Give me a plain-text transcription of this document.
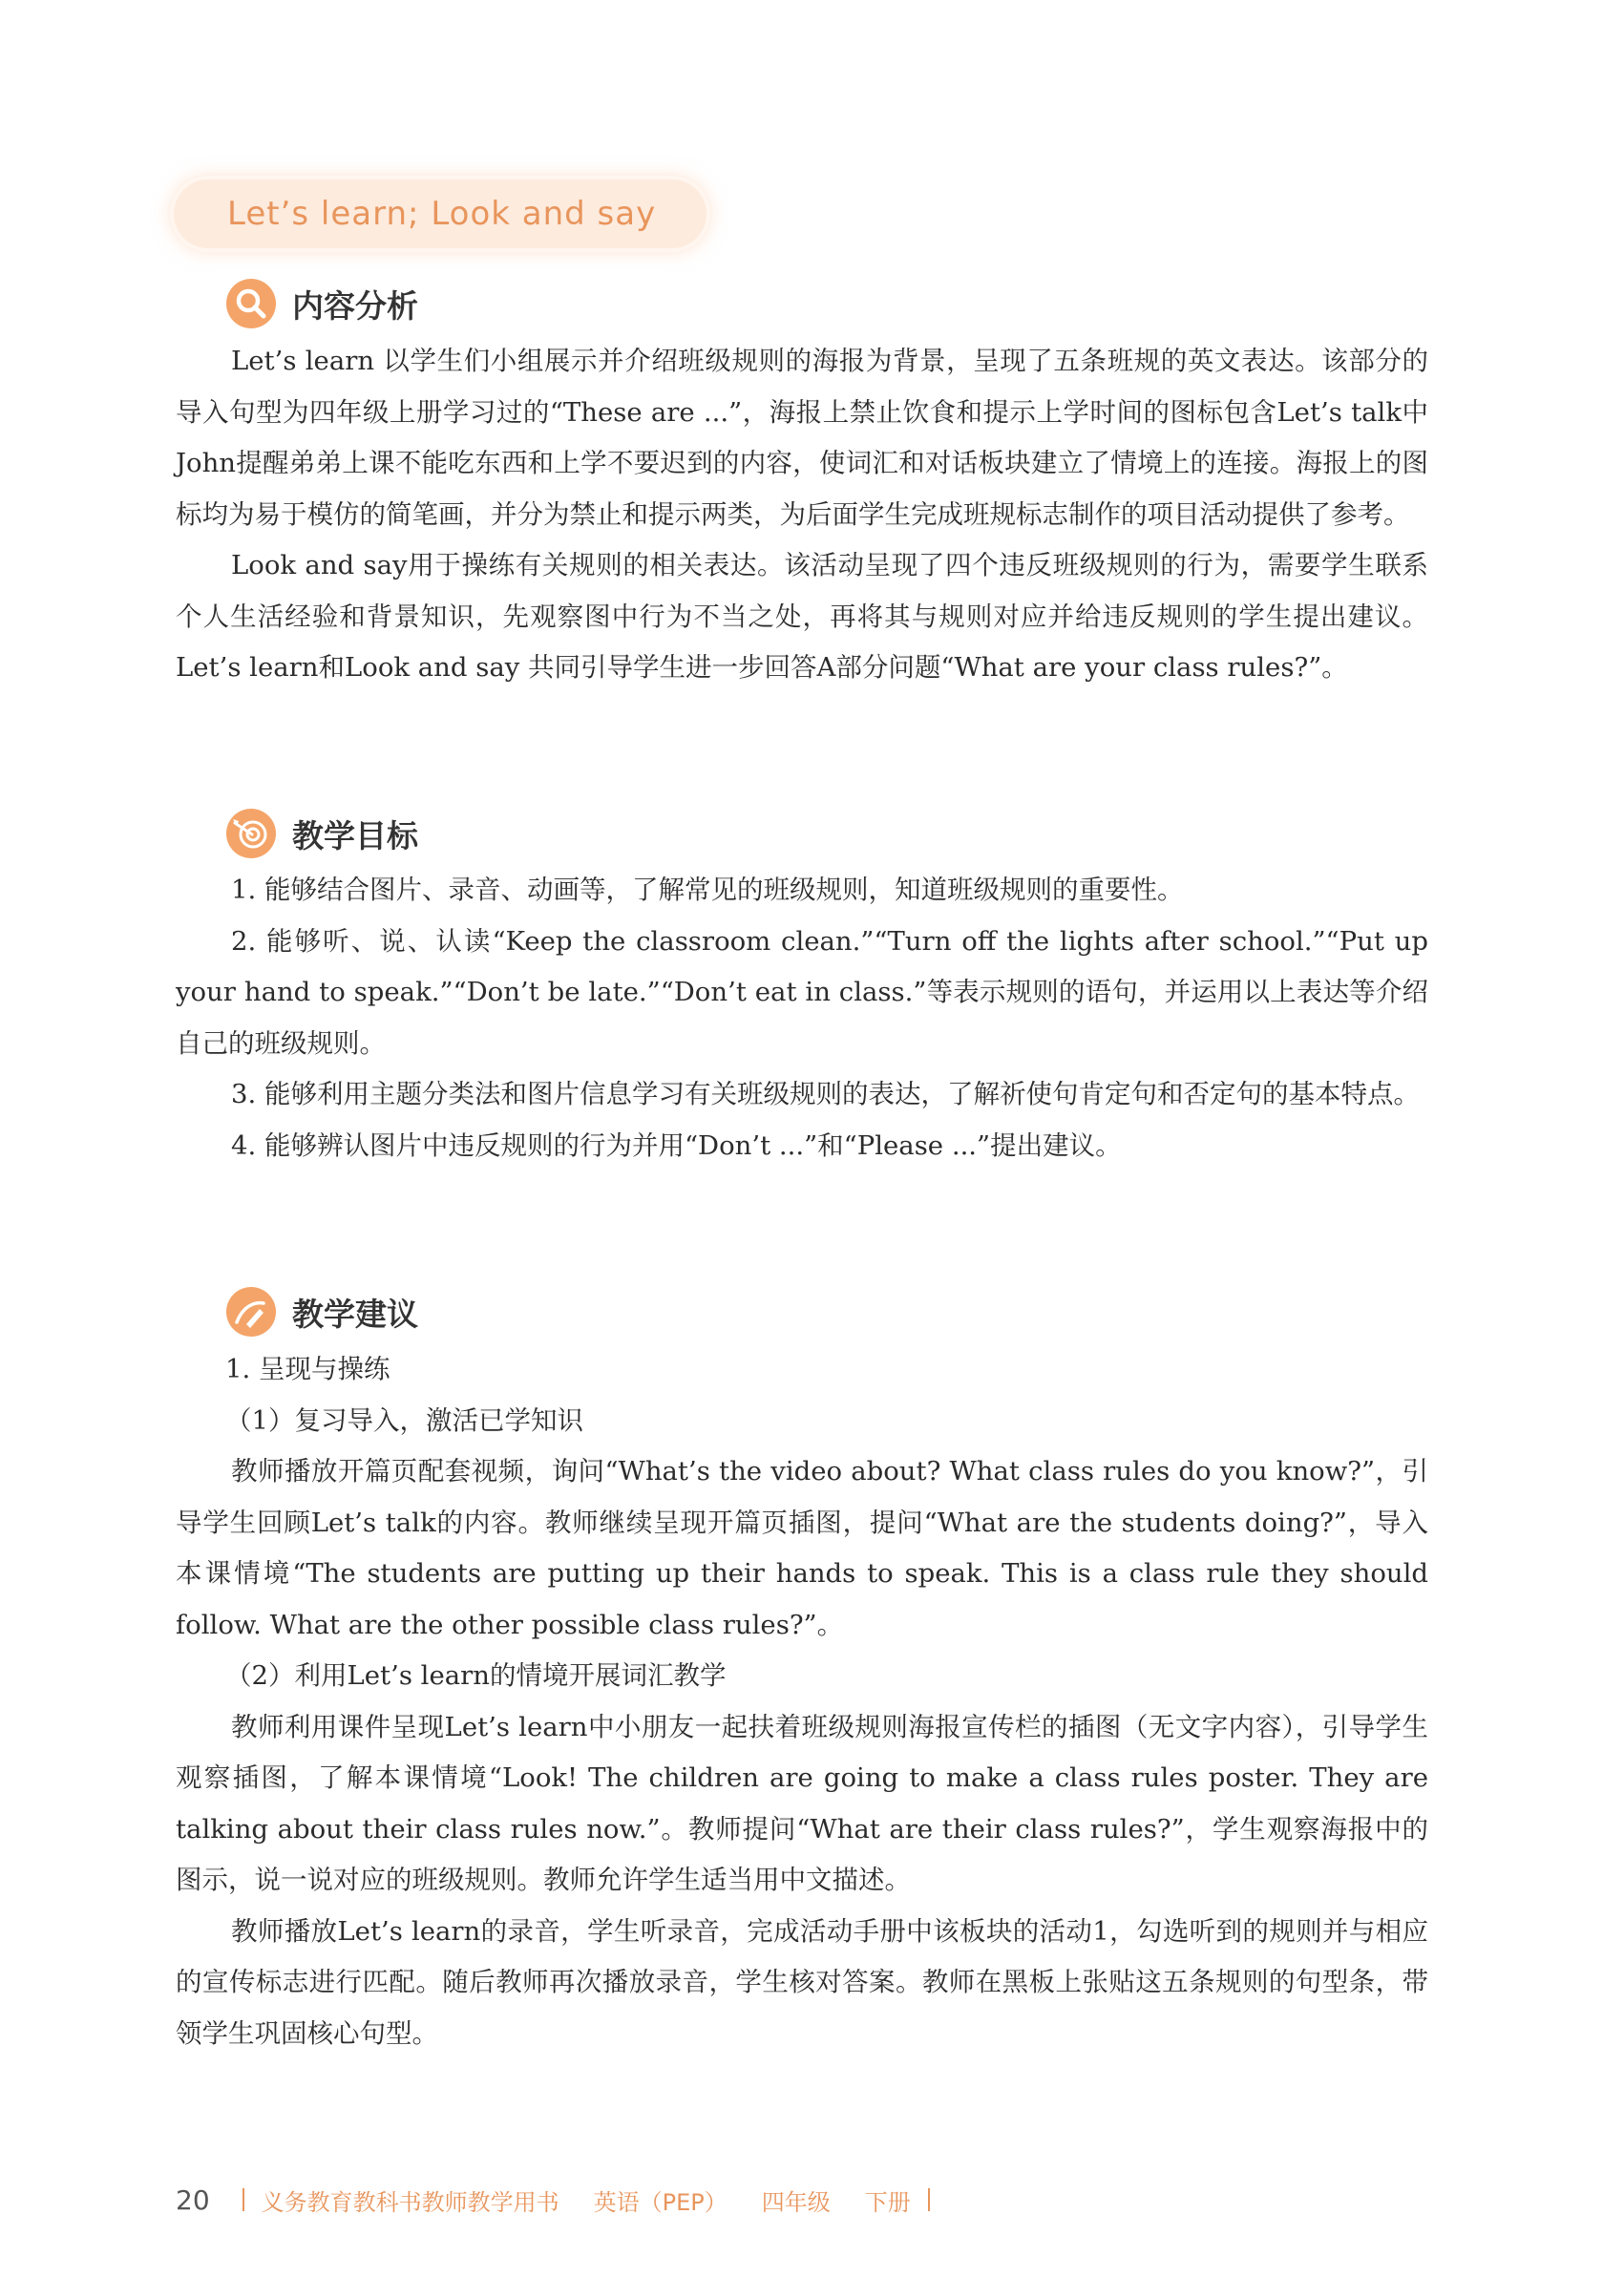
Let’s learn; Look and say
内容分析

Let’s learn 以学生们小组展示并介绍班级规则的海报为背景，呈现了五条班规的英文表达。该部分的导入句型为四年级上册学习过的“These are ...”，海报上禁止饮食和提示上学时间的图标包含Let’s talk中John提醒弟弟上课不能吃东西和上学不要迟到的内容，使词汇和对话板块建立了情境上的连接。海报上的图标均为易于模仿的简笔画，并分为禁止和提示两类，为后面学生完成班规标志制作的项目活动提供了参考。

Look and say用于操练有关规则的相关表达。该活动呈现了四个违反班级规则的行为，需要学生联系个人生活经验和背景知识，先观察图中行为不当之处，再将其与规则对应并给违反规则的学生提出建议。Let’s learn和Look and say 共同引导学生进一步回答A部分问题“What are your class rules?”。

教学目标

1. 能够结合图片、录音、动画等，了解常见的班级规则，知道班级规则的重要性。

2. 能够听、说、认读“Keep the classroom clean.”“Turn off the lights after school.”“Put up your hand to speak.”“Don’t be late.”“Don’t eat in class.”等表示规则的语句，并运用以上表达等介绍自己的班级规则。

3. 能够利用主题分类法和图片信息学习有关班级规则的表达，了解祈使句肯定句和否定句的基本特点。

4. 能够辨认图片中违反规则的行为并用“Don’t ...”和“Please ...”提出建议。

教学建议

1. 呈现与操练

（1）复习导入，激活已学知识

教师播放开篇页配套视频，询问“What’s the video about? What class rules do you know?”，引导学生回顾Let’s talk的内容。教师继续呈现开篇页插图，提问“What are the students doing?”，导入本课情境“The students are putting up their hands to speak. This is a class rule they should follow. What are the other possible class rules?”。

（2）利用Let’s learn的情境开展词汇教学

教师利用课件呈现Let’s learn中小朋友一起扶着班级规则海报宣传栏的插图（无文字内容），引导学生观察插图，了解本课情境“Look! The children are going to make a class rules poster. They are talking about their class rules now.”。教师提问“What are their class rules?”，学生观察海报中的图示，说一说对应的班级规则。教师允许学生适当用中文描述。

教师播放Let’s learn的录音，学生听录音，完成活动手册中该板块的活动1，勾选听到的规则并与相应的宣传标志进行匹配。随后教师再次播放录音，学生核对答案。教师在黑板上张贴这五条规则的句型条，带领学生巩固核心句型。

20 义务教育教科书教师教学用书 英语（PEP） 四年级 下册
